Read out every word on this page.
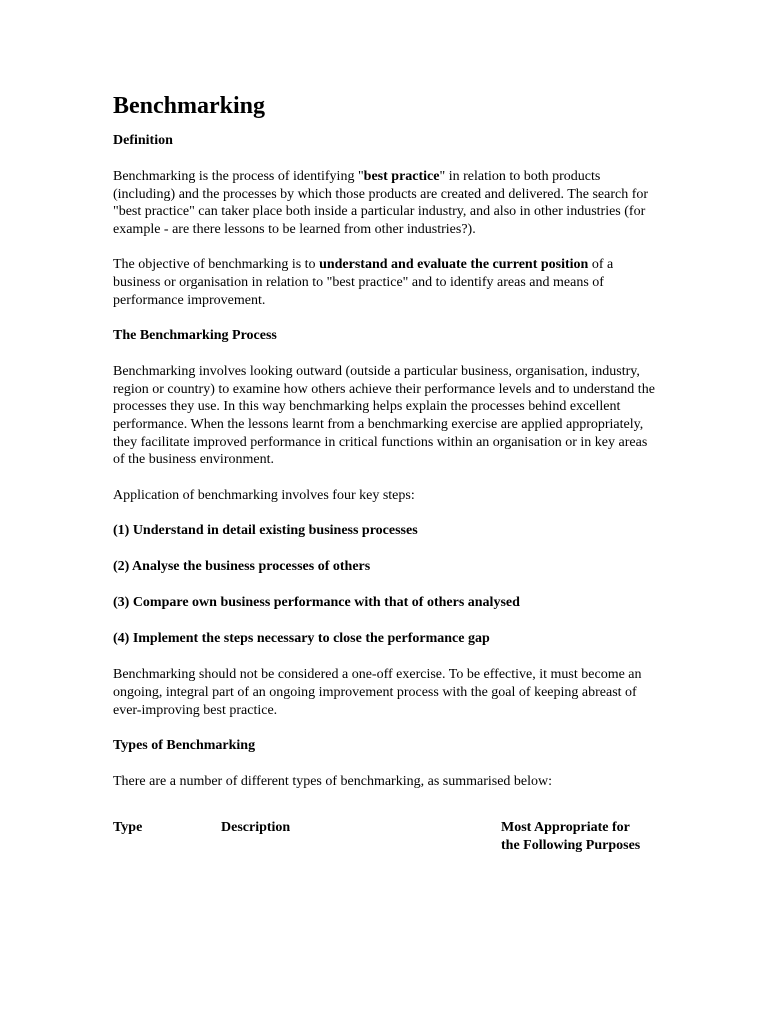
Benchmarking
Definition

Benchmarking is the process of identifying "best practice" in relation to both products (including) and the processes by which those products are created and delivered. The search for "best practice" can taker place both inside a particular industry, and also in other industries (for example - are there lessons to be learned from other industries?).

The objective of benchmarking is to understand and evaluate the current position of a business or organisation in relation to "best practice" and to identify areas and means of performance improvement.

The Benchmarking Process

Benchmarking involves looking outward (outside a particular business, organisation, industry, region or country) to examine how others achieve their performance levels and to understand the processes they use. In this way benchmarking helps explain the processes behind excellent performance. When the lessons learnt from a benchmarking exercise are applied appropriately, they facilitate improved performance in critical functions within an organisation or in key areas of the business environment.

Application of benchmarking involves four key steps:

(1) Understand in detail existing business processes
(2) Analyse the business processes of others
(3) Compare own business performance with that of others analysed
(4) Implement the steps necessary to close the performance gap

Benchmarking should not be considered a one-off exercise. To be effective, it must become an ongoing, integral part of an ongoing improvement process with the goal of keeping abreast of ever-improving best practice.

Types of Benchmarking

There are a number of different types of benchmarking, as summarised below:

Type	Description	Most Appropriate for
the Following Purposes
